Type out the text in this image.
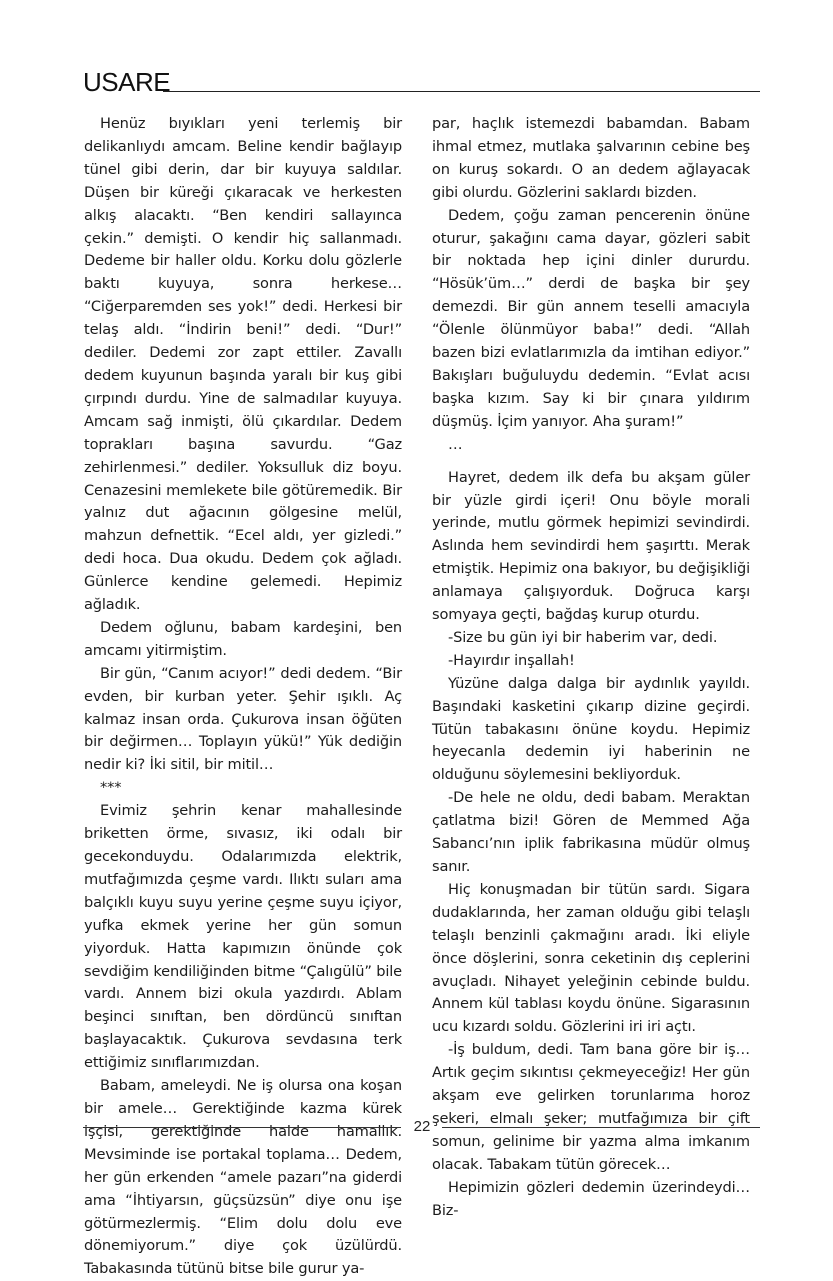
USARE

Henüz bıyıkları yeni terlemiş bir delikanlıydı amcam. Beline kendir bağlayıp tünel gibi derin, dar bir kuyuya saldılar. Düşen bir küreği çıkaracak ve herkesten alkış alacaktı. “Ben kendiri sallayınca çekin.” demişti. O kendir hiç sallanmadı. Dedeme bir haller oldu. Korku dolu gözlerle baktı kuyuya, sonra herkese… “Ciğerparemden ses yok!” dedi. Herkesi bir telaş aldı. “İndirin beni!” dedi. “Dur!” dediler. Dedemi zor zapt ettiler. Zavallı dedem kuyunun başında yaralı bir kuş gibi çırpındı durdu. Yine de salmadılar kuyuya. Amcam sağ inmişti, ölü çıkardılar. Dedem toprakları başına savurdu. “Gaz zehirlenmesi.” dediler. Yoksulluk diz boyu. Cenazesini memlekete bile götüremedik. Bir yalnız dut ağacının gölgesine melül, mahzun defnettik. “Ecel aldı, yer gizledi.” dedi hoca. Dua okudu. Dedem çok ağladı. Günlerce kendine gelemedi. Hepimiz ağladık.

Dedem oğlunu, babam kardeşini, ben amcamı yitirmiştim.

Bir gün, “Canım acıyor!” dedi dedem. “Bir evden, bir kurban yeter. Şehir ışıklı. Aç kalmaz insan orda. Çukurova insan öğüten bir değirmen… Toplayın yükü!” Yük dediğin nedir ki? İki sitil, bir mitil…

***

Evimiz şehrin kenar mahallesinde briketten örme, sıvasız, iki odalı bir gecekonduydu. Odalarımızda elektrik, mutfağımızda çeşme vardı. Ilıktı suları ama balçıklı kuyu suyu yerine çeşme suyu içiyor, yufka ekmek yerine her gün somun yiyorduk. Hatta kapımızın önünde çok sevdiğim kendiliğinden bitme “Çalıgülü” bile vardı. Annem bizi okula yazdırdı. Ablam beşinci sınıftan, ben dördüncü sınıftan başlayacaktık. Çukurova sevdasına terk ettiğimiz sınıflarımızdan.

Babam, ameleydi. Ne iş olursa ona koşan bir amele… Gerektiğinde kazma kürek işçisi, gerektiğinde halde hamallık. Mevsiminde ise portakal toplama… Dedem, her gün erkenden “amele pazarı”na giderdi ama “İhtiyarsın, güçsüzsün” diye onu işe götürmezlermiş. “Elim dolu dolu eve dönemiyorum.” diye çok üzülürdü. Tabakasında tütünü bitse bile gurur ya-

par, haçlık istemezdi babamdan. Babam ihmal etmez, mutlaka şalvarının cebine beş on kuruş sokardı. O an dedem ağlayacak gibi olurdu. Gözlerini saklardı bizden.

Dedem, çoğu zaman pencerenin önüne oturur, şakağını cama dayar, gözleri sabit bir noktada hep içini dinler dururdu. “Hösük’üm…” derdi de başka bir şey demezdi. Bir gün annem teselli amacıyla “Ölenle ölünmüyor baba!” dedi. “Allah bazen bizi evlatlarımızla da imtihan ediyor.” Bakışları buğuluydu dedemin. “Evlat acısı başka kızım. Say ki bir çınara yıldırım düşmüş. İçim yanıyor. Aha şuram!”

…

Hayret, dedem ilk defa bu akşam güler bir yüzle girdi içeri! Onu böyle morali yerinde, mutlu görmek hepimizi sevindirdi. Aslında hem sevindirdi hem şaşırttı. Merak etmiştik. Hepimiz ona bakıyor, bu değişikliği anlamaya çalışıyorduk. Doğruca karşı somyaya geçti, bağdaş kurup oturdu.

-Size bu gün iyi bir haberim var, dedi.

-Hayırdır inşallah!

Yüzüne dalga dalga bir aydınlık yayıldı. Başındaki kasketini çıkarıp dizine geçirdi. Tütün tabakasını önüne koydu. Hepimiz heyecanla dedemin iyi haberinin ne olduğunu söylemesini bekliyorduk.

-De hele ne oldu, dedi babam. Meraktan çatlatma bizi! Gören de Memmed Ağa Sabancı’nın iplik fabrikasına müdür olmuş sanır.

Hiç konuşmadan bir tütün sardı. Sigara dudaklarında, her zaman olduğu gibi telaşlı telaşlı benzinli çakmağını aradı. İki eliyle önce döşlerini, sonra ceketinin dış ceplerini avuçladı. Nihayet yeleğinin cebinde buldu. Annem kül tablası koydu önüne. Sigarasının ucu kızardı soldu. Gözlerini iri iri açtı.

-İş buldum, dedi. Tam bana göre bir iş… Artık geçim sıkıntısı çekmeyeceğiz! Her gün akşam eve gelirken torunlarıma horoz şekeri, elmalı şeker; mutfağımıza bir çift somun, gelinime bir yazma alma imkanım olacak. Tabakam tütün görecek…

Hepimizin gözleri dedemin üzerindeydi… Biz-

22
